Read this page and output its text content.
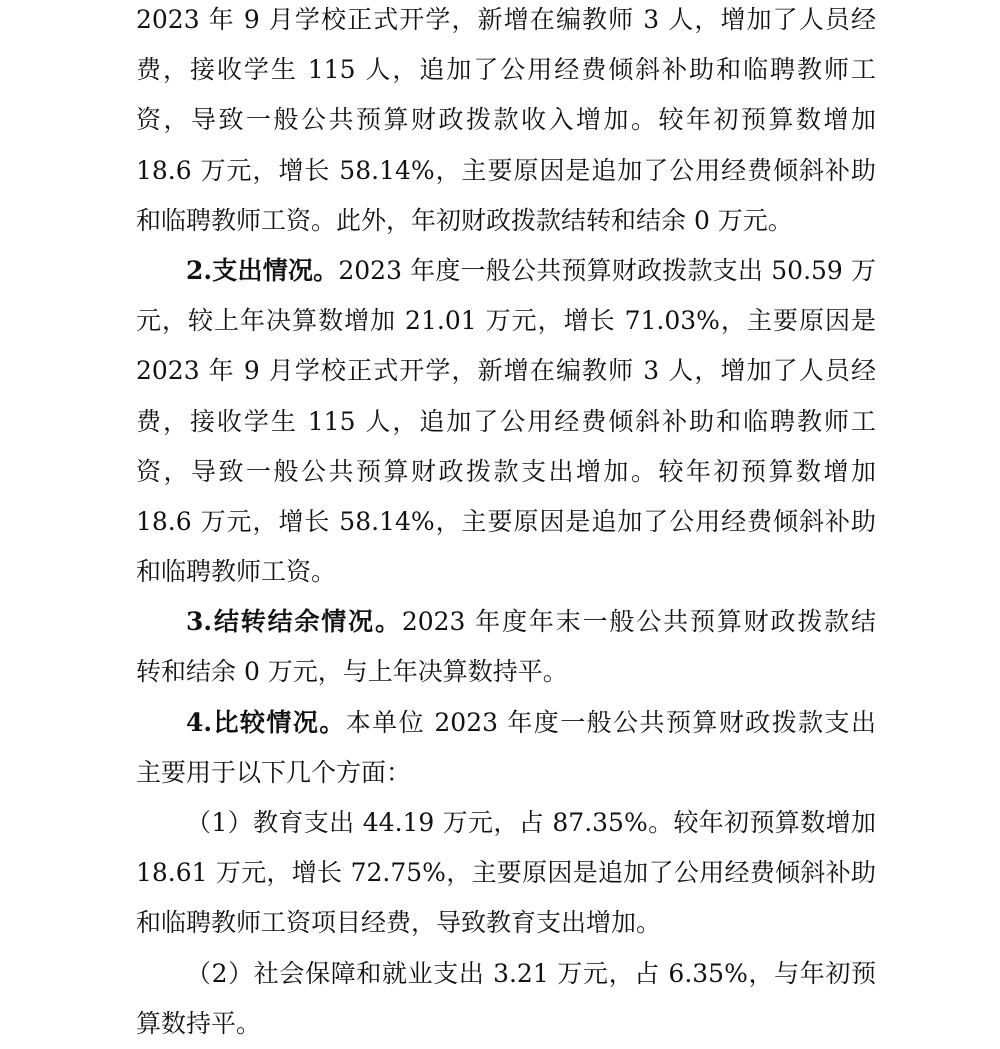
2023 年 9 月学校正式开学，新增在编教师 3 人，增加了人员经
费，接收学生 115 人，追加了公用经费倾斜补助和临聘教师工
资，导致一般公共预算财政拨款收入增加。较年初预算数增加
18.6 万元，增长 58.14%，主要原因是追加了公用经费倾斜补助
和临聘教师工资。此外，年初财政拨款结转和结余 0 万元。
2.支出情况。2023 年度一般公共预算财政拨款支出 50.59 万
元，较上年决算数增加 21.01 万元，增长 71.03%，主要原因是
2023 年 9 月学校正式开学，新增在编教师 3 人，增加了人员经
费，接收学生 115 人，追加了公用经费倾斜补助和临聘教师工
资，导致一般公共预算财政拨款支出增加。较年初预算数增加
18.6 万元，增长 58.14%，主要原因是追加了公用经费倾斜补助
和临聘教师工资。
3.结转结余情况。2023 年度年末一般公共预算财政拨款结
转和结余 0 万元，与上年决算数持平。
4.比较情况。本单位 2023 年度一般公共预算财政拨款支出
主要用于以下几个方面：
（1）教育支出 44.19 万元，占 87.35%。较年初预算数增加
18.61 万元，增长 72.75%，主要原因是追加了公用经费倾斜补助
和临聘教师工资项目经费，导致教育支出增加。
（2）社会保障和就业支出 3.21 万元，占 6.35%，与年初预
算数持平。
